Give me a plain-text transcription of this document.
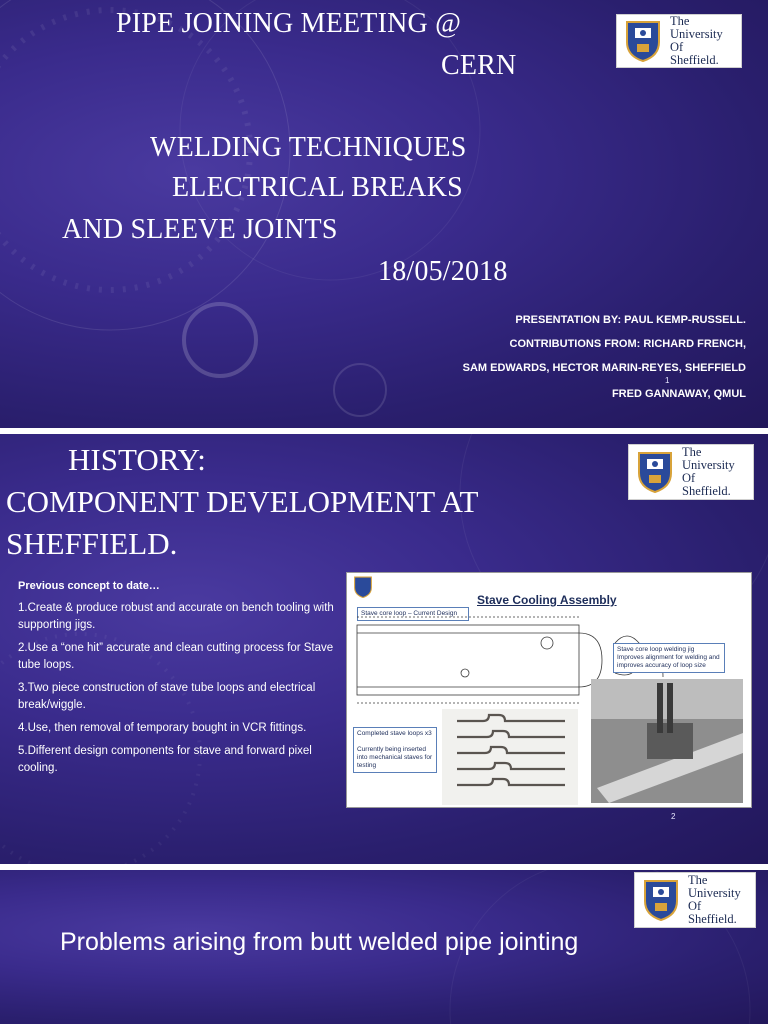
PIPE JOINING MEETING @
CERN
WELDING TECHNIQUES
ELECTRICAL BREAKS
AND SLEEVE JOINTS
18/05/2018
The
University
Of
Sheffield.
PRESENTATION BY: PAUL KEMP-RUSSELL.
CONTRIBUTIONS FROM: RICHARD FRENCH,
SAM EDWARDS, HECTOR MARIN-REYES, SHEFFIELD
1
FRED GANNAWAY, QMUL
HISTORY:
COMPONENT DEVELOPMENT AT
SHEFFIELD.
The
University
Of
Sheffield.
Previous concept to date…
1.Create & produce robust and accurate on bench tooling with supporting jigs.
2.Use a “one hit” accurate and clean cutting process for Stave tube loops.
3.Two piece construction of stave tube loops and electrical break/wiggle.
4.Use, then removal of temporary bought in VCR fittings.
5.Different design components for stave and forward pixel cooling.
Stave Cooling Assembly
Stave core loop – Current Design
Stave core loop welding jig
Improves alignment for welding and improves accuracy of loop size
Completed stave loops x3

Currently being inserted into mechanical staves for testing
2
The
University
Of
Sheffield.
Problems arising from butt welded pipe jointing
